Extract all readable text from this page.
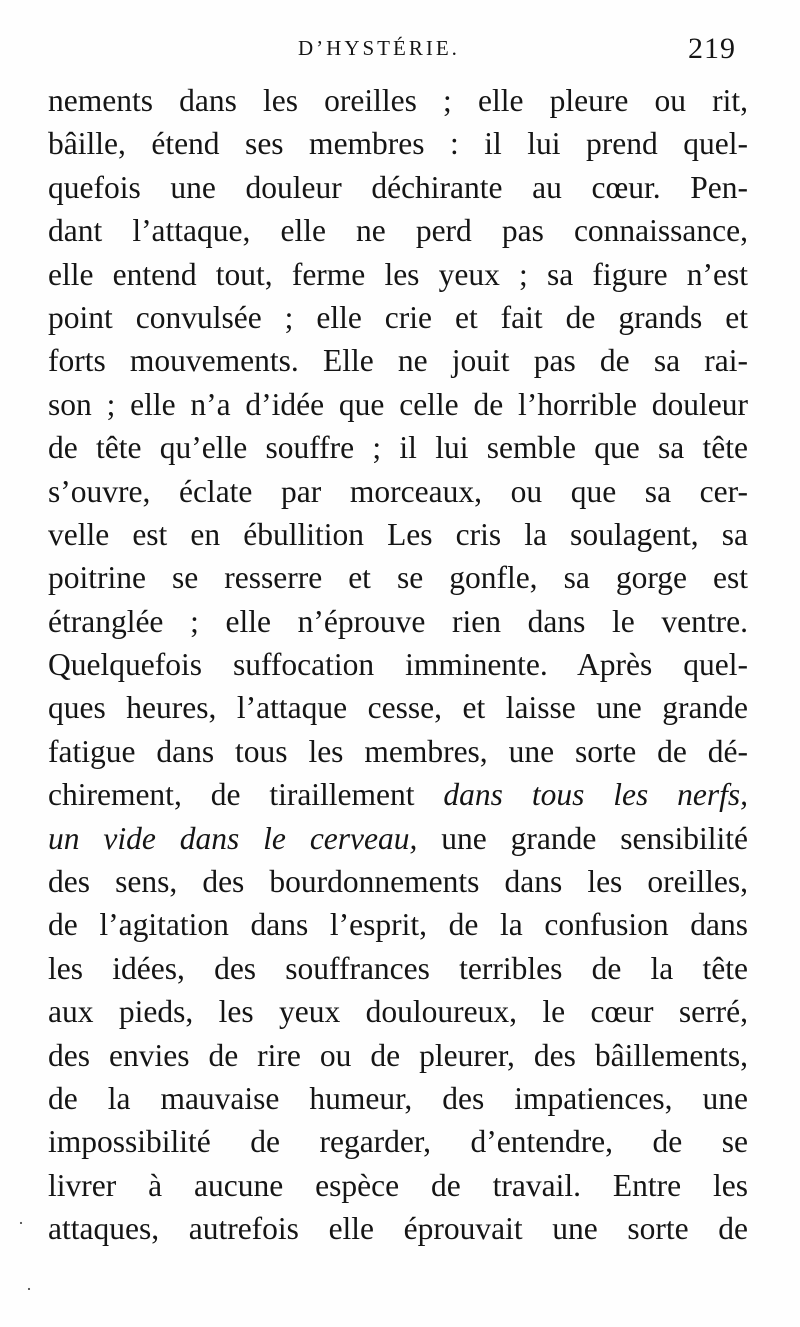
D’HYSTÉRIE.	219
nements dans les oreilles ; elle pleure ou rit,
bâille, étend ses membres : il lui prend quel-
quefois une douleur déchirante au cœur. Pen-
dant l’attaque, elle ne perd pas connaissance,
elle entend tout, ferme les yeux ; sa figure n’est
point convulsée ; elle crie et fait de grands et
forts mouvements. Elle ne jouit pas de sa rai-
son ; elle n’a d’idée que celle de l’horrible douleur
de tête qu’elle souffre ; il lui semble que sa tête
s’ouvre, éclate par morceaux, ou que sa cer-
velle est en ébullition Les cris la soulagent, sa
poitrine se resserre et se gonfle, sa gorge est
étranglée ; elle n’éprouve rien dans le ventre.
Quelquefois suffocation imminente. Après quel-
ques heures, l’attaque cesse, et laisse une grande
fatigue dans tous les membres, une sorte de dé-
chirement, de tiraillement dans tous les nerfs,
un vide dans le cerveau, une grande sensibilité
des sens, des bourdonnements dans les oreilles,
de l’agitation dans l’esprit, de la confusion dans
les idées, des souffrances terribles de la tête
aux pieds, les yeux douloureux, le cœur serré,
des envies de rire ou de pleurer, des bâillements,
de la mauvaise humeur, des impatiences, une
impossibilité de regarder, d’entendre, de se
livrer à aucune espèce de travail. Entre les
attaques, autrefois elle éprouvait une sorte de
·
·
